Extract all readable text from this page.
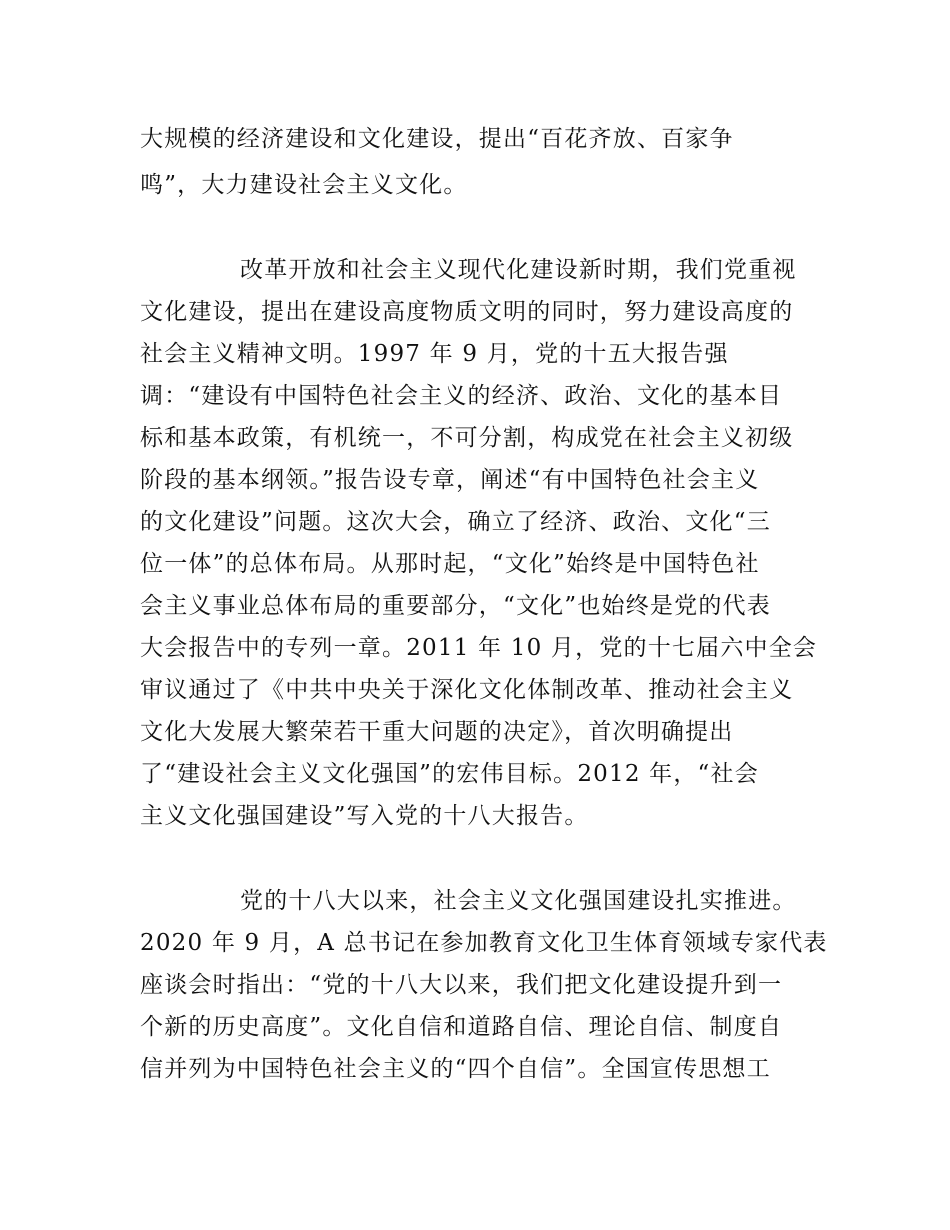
大规模的经济建设和文化建设，提出“百花齐放、百家争
鸣”，大力建设社会主义文化。
改革开放和社会主义现代化建设新时期，我们党重视
文化建设，提出在建设高度物质文明的同时，努力建设高度的
社会主义精神文明。1997 年 9 月，党的十五大报告强
调：“建设有中国特色社会主义的经济、政治、文化的基本目
标和基本政策，有机统一，不可分割，构成党在社会主义初级
阶段的基本纲领。”报告设专章，阐述“有中国特色社会主义
的文化建设”问题。这次大会，确立了经济、政治、文化“三
位一体”的总体布局。从那时起，“文化”始终是中国特色社
会主义事业总体布局的重要部分，“文化”也始终是党的代表
大会报告中的专列一章。2011 年 10 月，党的十七届六中全会
审议通过了《中共中央关于深化文化体制改革、推动社会主义
文化大发展大繁荣若干重大问题的决定》，首次明确提出
了“建设社会主义文化强国”的宏伟目标。2012 年，“社会
主义文化强国建设”写入党的十八大报告。
党的十八大以来，社会主义文化强国建设扎实推进。
2020 年 9 月，A 总书记在参加教育文化卫生体育领域专家代表
座谈会时指出：“党的十八大以来，我们把文化建设提升到一
个新的历史高度”。文化自信和道路自信、理论自信、制度自
信并列为中国特色社会主义的“四个自信”。全国宣传思想工
